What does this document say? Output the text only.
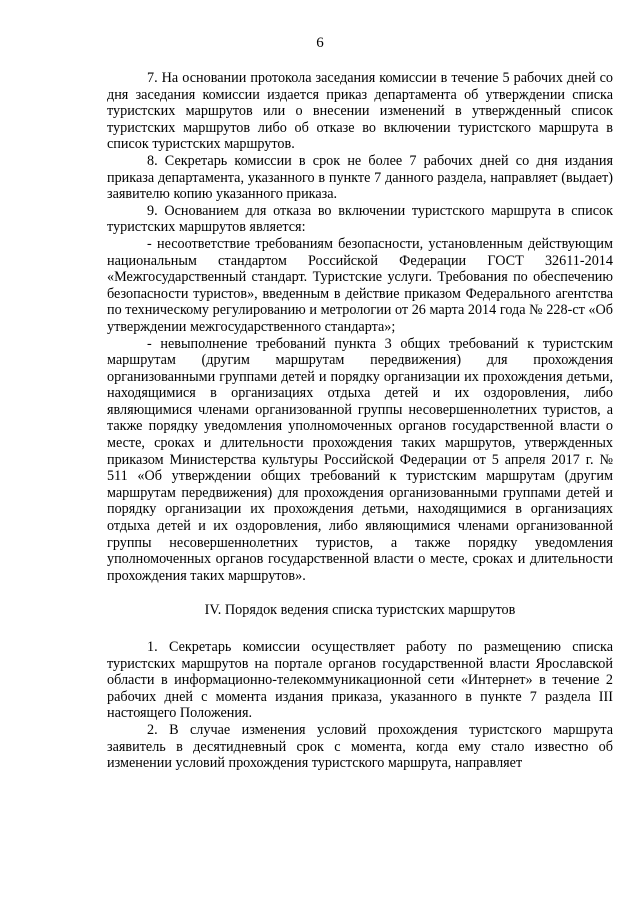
6

7. На основании протокола заседания комиссии в течение 5 рабочих дней со дня заседания комиссии издается приказ департамента об утверждении списка туристских маршрутов или о внесении изменений в утвержденный список туристских маршрутов либо об отказе во включении туристского маршрута в список туристских маршрутов.

8. Секретарь комиссии в срок не более 7 рабочих дней со дня издания приказа департамента, указанного в пункте 7 данного раздела, направляет (выдает) заявителю копию указанного приказа.

9. Основанием для отказа во включении туристского маршрута в список туристских маршрутов является:

- несоответствие требованиям безопасности, установленным действующим национальным стандартом Российской Федерации ГОСТ 32611-2014 «Межгосударственный стандарт. Туристские услуги. Требования по обеспечению безопасности туристов», введенным в действие приказом Федерального агентства по техническому регулированию и метрологии от 26 марта 2014 года № 228-ст «Об утверждении межгосударственного стандарта»;

- невыполнение требований пункта 3 общих требований к туристским маршрутам (другим маршрутам передвижения) для прохождения организованными группами детей и порядку организации их прохождения детьми, находящимися в организациях отдыха детей и их оздоровления, либо являющимися членами организованной группы несовершеннолетних туристов, а также порядку уведомления уполномоченных органов государственной власти о месте, сроках и длительности прохождения таких маршрутов, утвержденных приказом Министерства культуры Российской Федерации от 5 апреля 2017 г. № 511 «Об утверждении общих требований к туристским маршрутам (другим маршрутам передвижения) для прохождения организованными группами детей и порядку организации их прохождения детьми, находящимися в организациях отдыха детей и их оздоровления, либо являющимися членами организованной группы несовершеннолетних туристов, а также порядку уведомления уполномоченных органов государственной власти о месте, сроках и длительности прохождения таких маршрутов».

IV. Порядок ведения списка туристских маршрутов

1. Секретарь комиссии осуществляет работу по размещению списка туристских маршрутов на портале органов государственной власти Ярославской области в информационно-телекоммуникационной сети «Интернет» в течение 2 рабочих дней с момента издания приказа, указанного в пункте 7 раздела III настоящего Положения.

2. В случае изменения условий прохождения туристского маршрута заявитель в десятидневный срок с момента, когда ему стало известно об изменении условий прохождения туристского маршрута, направляет
